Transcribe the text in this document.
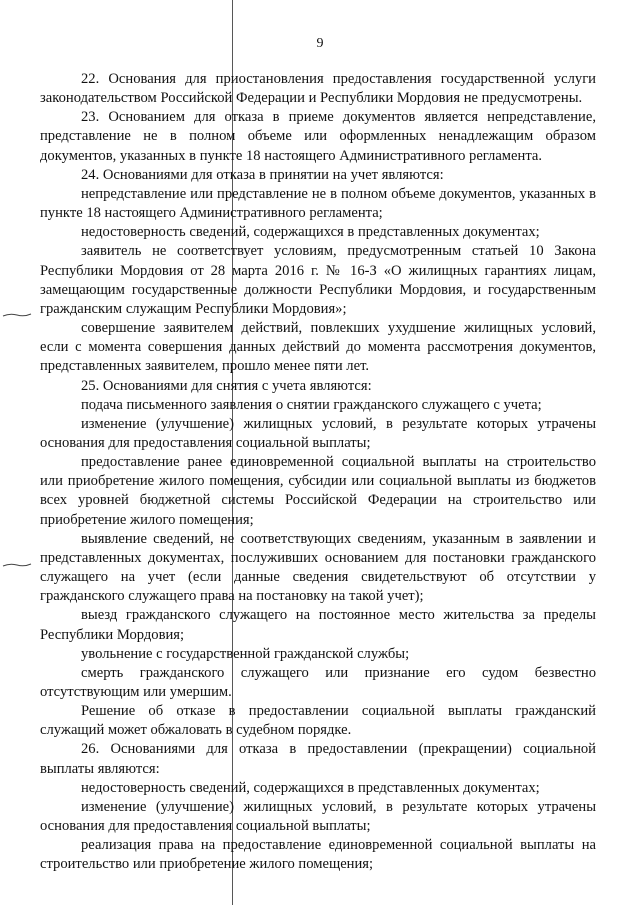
9

22. Основания для приостановления предоставления государственной услуги законодательством Российской Федерации и Республики Мордовия не предусмотрены.

23. Основанием для отказа в приеме документов является непредставление, представление не в полном объеме или оформленных ненадлежащим образом документов, указанных в пункте 18 настоящего Административного регламента.

24. Основаниями для отказа в принятии на учет являются:

непредставление или представление не в полном объеме документов, указанных в пункте 18 настоящего Административного регламента;

недостоверность сведений, содержащихся в представленных документах;

заявитель не соответствует условиям, предусмотренным статьей 10 Закона Республики Мордовия от 28 марта 2016 г. № 16-З «О жилищных гарантиях лицам, замещающим государственные должности Республики Мордовия, и государственным гражданским служащим Республики Мордовия»;

совершение заявителем действий, повлекших ухудшение жилищных условий, если с момента совершения данных действий до момента рассмотрения документов, представленных заявителем, прошло менее пяти лет.

25. Основаниями для снятия с учета являются:

подача письменного заявления о снятии гражданского служащего с учета;

изменение (улучшение) жилищных условий, в результате которых утрачены основания для предоставления социальной выплаты;

предоставление ранее единовременной социальной выплаты на строительство или приобретение жилого помещения, субсидии или социальной выплаты из бюджетов всех уровней бюджетной системы Российской Федерации на строительство или приобретение жилого помещения;

выявление сведений, не соответствующих сведениям, указанным в заявлении и представленных документах, послуживших основанием для постановки гражданского служащего на учет (если данные сведения свидетельствуют об отсутствии у гражданского служащего права на постановку на такой учет);

выезд гражданского служащего на постоянное место жительства за пределы Республики Мордовия;

увольнение с государственной гражданской службы;

смерть гражданского служащего или признание его судом безвестно отсутствующим или умершим.

Решение об отказе в предоставлении социальной выплаты гражданский служащий может обжаловать в судебном порядке.

26. Основаниями для отказа в предоставлении (прекращении) социальной выплаты являются:

недостоверность сведений, содержащихся в представленных документах;

изменение (улучшение) жилищных условий, в результате которых утрачены основания для предоставления социальной выплаты;

реализация права на предоставление единовременной социальной выплаты на строительство или приобретение жилого помещения;
